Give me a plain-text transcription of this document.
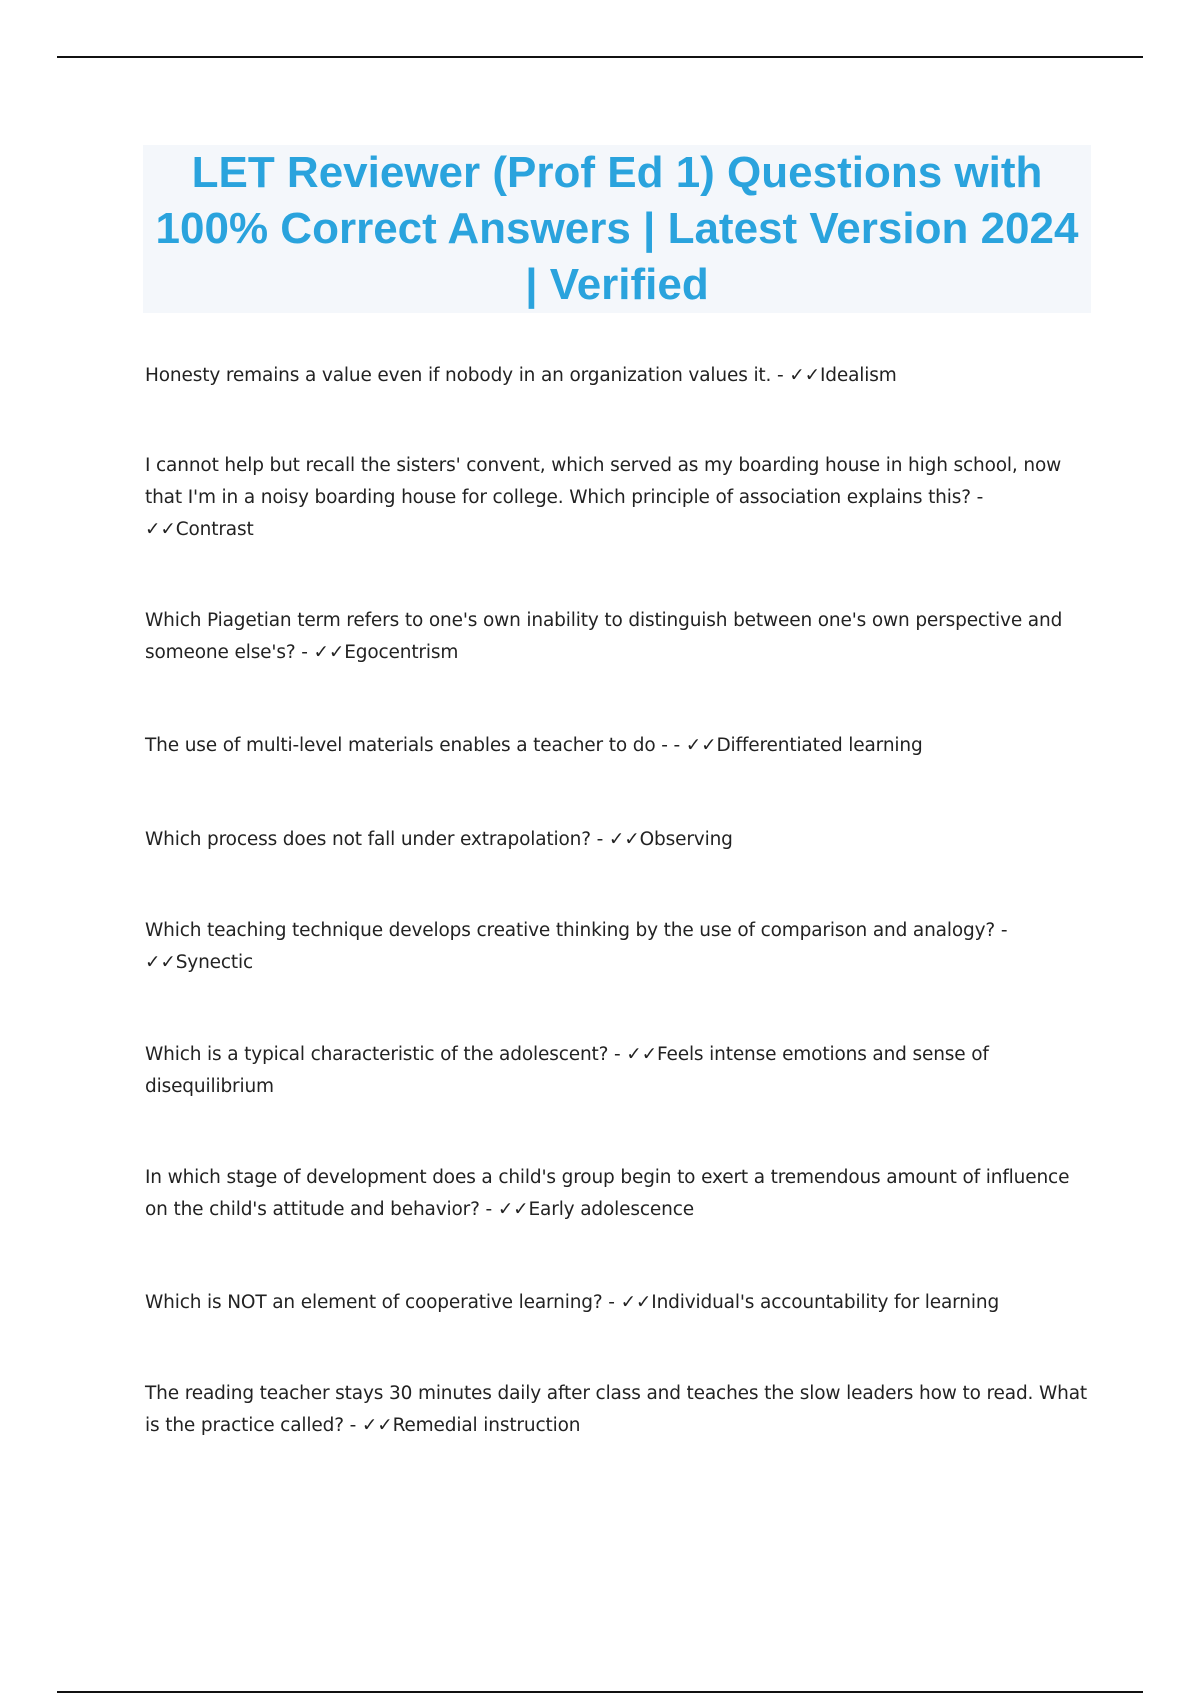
LET Reviewer (Prof Ed 1) Questions with 100% Correct Answers | Latest Version 2024 | Verified

Honesty remains a value even if nobody in an organization values it. - ✓✓Idealism

I cannot help but recall the sisters' convent, which served as my boarding house in high school, now that I'm in a noisy boarding house for college. Which principle of association explains this? - ✓✓Contrast

Which Piagetian term refers to one's own inability to distinguish between one's own perspective and someone else's? - ✓✓Egocentrism

The use of multi-level materials enables a teacher to do - - ✓✓Differentiated learning

Which process does not fall under extrapolation? - ✓✓Observing

Which teaching technique develops creative thinking by the use of comparison and analogy? - ✓✓Synectic

Which is a typical characteristic of the adolescent? - ✓✓Feels intense emotions and sense of disequilibrium

In which stage of development does a child's group begin to exert a tremendous amount of influence on the child's attitude and behavior? - ✓✓Early adolescence

Which is NOT an element of cooperative learning? - ✓✓Individual's accountability for learning

The reading teacher stays 30 minutes daily after class and teaches the slow leaders how to read. What is the practice called? - ✓✓Remedial instruction
